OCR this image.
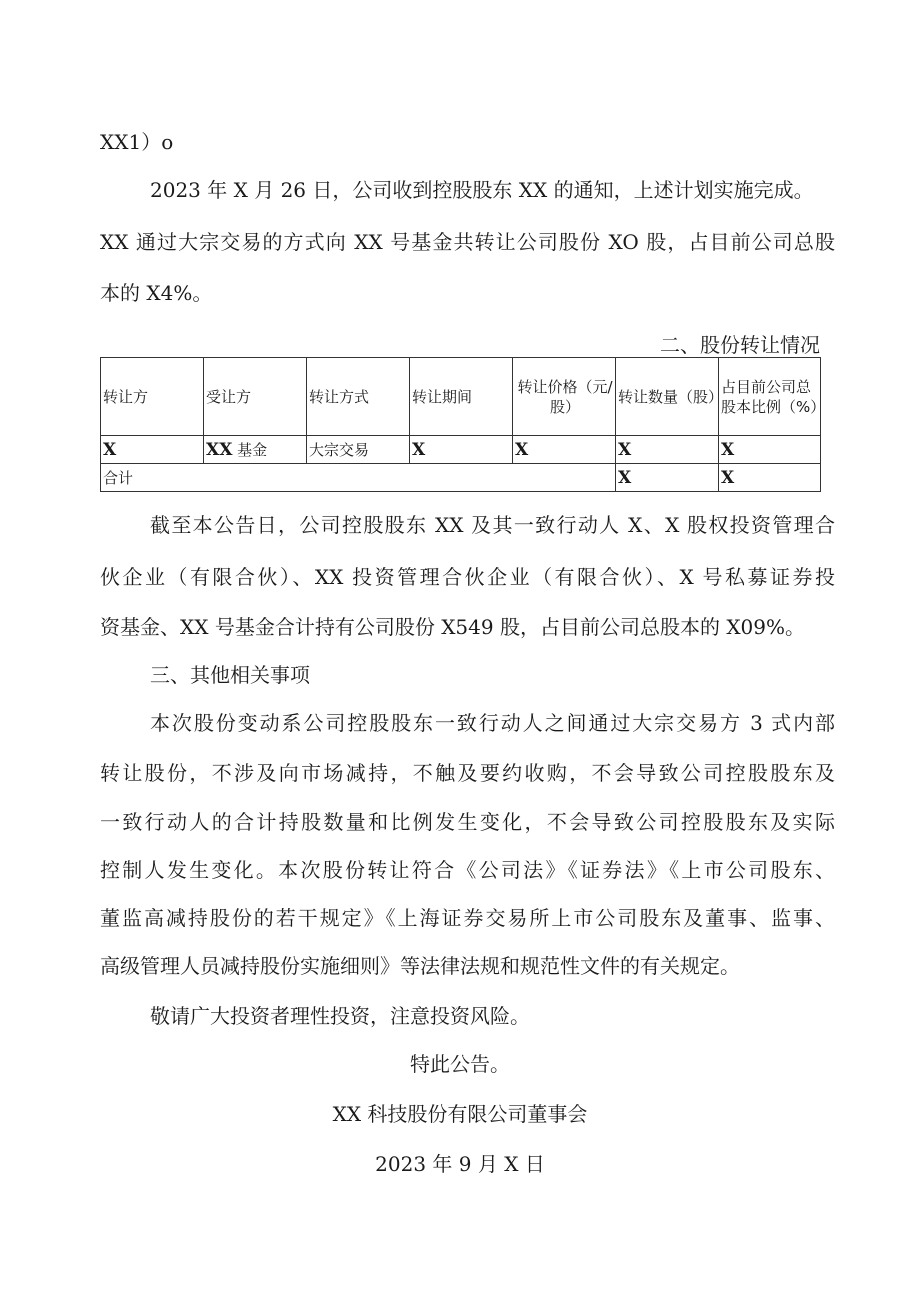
XX1）o
2023 年 X 月 26 日，公司收到控股股东 XX 的通知，上述计划实施完成。
XX 通过大宗交易的方式向 XX 号基金共转让公司股份 XO 股，占目前公司总股
本的 X4%。
二、股份转让情况
转让方	受让方	转让方式	转让期间	转让价格（元/股）	转让数量（股）	占目前公司总股本比例（%）
X	XX 基金	大宗交易	X	X	X	X
合计					X	X
截至本公告日，公司控股股东 XX 及其一致行动人 X、X 股权投资管理合
伙企业（有限合伙）、XX 投资管理合伙企业（有限合伙）、X 号私募证券投
资基金、XX 号基金合计持有公司股份 X549 股，占目前公司总股本的 X09%。
三、其他相关事项
本次股份变动系公司控股股东一致行动人之间通过大宗交易方 3 式内部
转让股份，不涉及向市场减持，不触及要约收购，不会导致公司控股股东及
一致行动人的合计持股数量和比例发生变化，不会导致公司控股股东及实际
控制人发生变化。本次股份转让符合《公司法》《证券法》《上市公司股东、
董监高减持股份的若干规定》《上海证券交易所上市公司股东及董事、监事、
高级管理人员减持股份实施细则》等法律法规和规范性文件的有关规定。
敬请广大投资者理性投资，注意投资风险。
特此公告。
XX 科技股份有限公司董事会
2023 年 9 月 X 日
